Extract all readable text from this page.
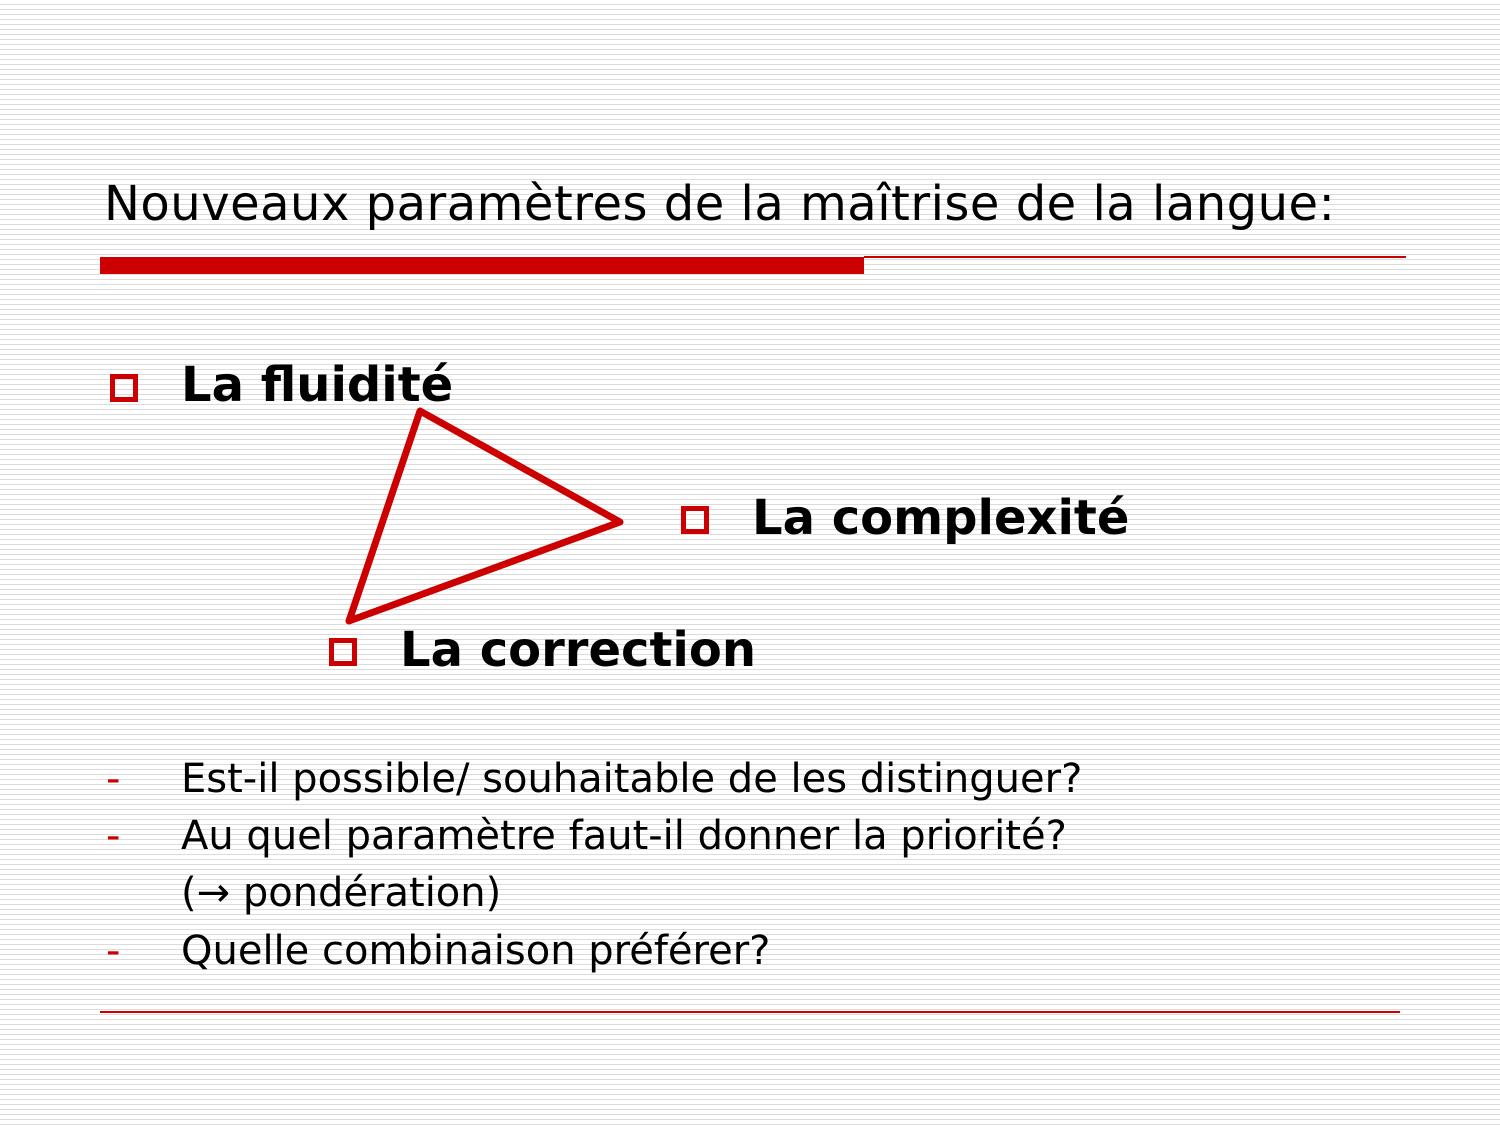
Nouveaux paramètres de la maîtrise de la langue:
La fluidité
La complexité
La correction
- Est-il possible/ souhaitable de les distinguer?
- Au quel paramètre faut-il donner la priorité?
(→ pondération)
- Quelle combinaison préférer?
